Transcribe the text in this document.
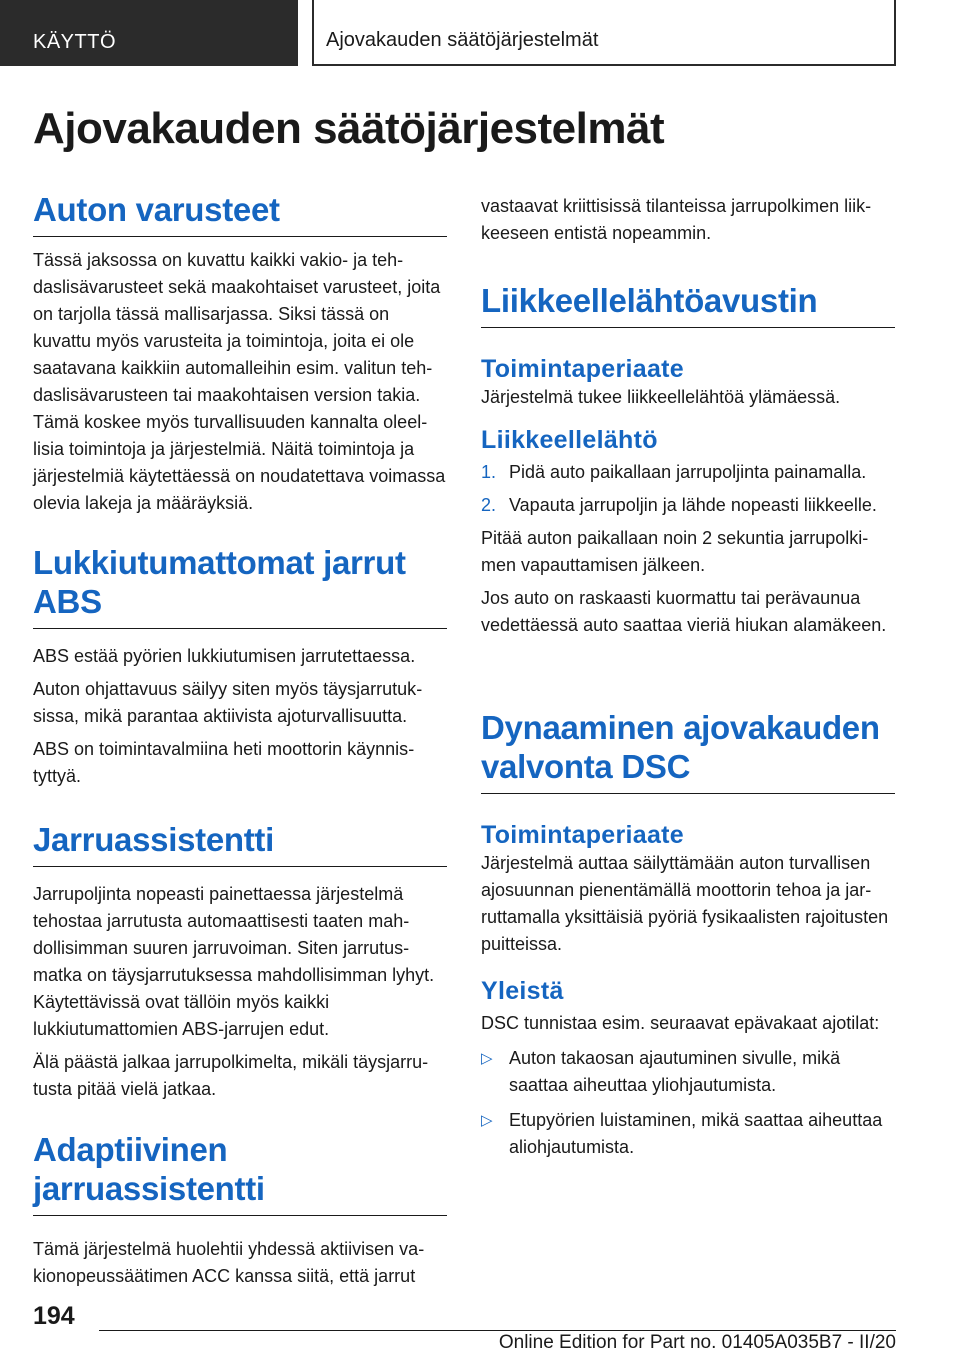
KÄYTTÖ	Ajovakauden säätöjärjestelmät
Ajovakauden säätöjärjestelmät
Auton varusteet

Tässä jaksossa on kuvattu kaikki vakio- ja tehdaslisävarusteet sekä maakohtaiset varusteet, joita on tarjolla tässä mallisarjassa. Siksi tässä on kuvattu myös varusteita ja toimintoja, joita ei ole saatavana kaikkiin automalleihin esim. valitun tehdaslisävarusteen tai maakohtaisen version takia. Tämä koskee myös turvallisuuden kannalta oleellisia toimintoja ja järjestelmiä. Näitä toimintoja ja järjestelmiä käytettäessä on noudatettava voimassa olevia lakeja ja määräyksiä.

Lukkiutumattomat jarrut ABS

ABS estää pyörien lukkiutumisen jarrutettaessa.

Auton ohjattavuus säilyy siten myös täysjarrutuksissa, mikä parantaa aktiivista ajoturvallisuutta.

ABS on toimintavalmiina heti moottorin käynnistyttyä.

Jarruassistentti

Jarrupoljinta nopeasti painettaessa järjestelmä tehostaa jarrutusta automaattisesti taaten mahdollisimman suuren jarruvoiman. Siten jarrutusmatka on täysjarrutuksessa mahdollisimman lyhyt. Käytettävissä ovat tällöin myös kaikki lukkiutumattomien ABS-jarrujen edut.

Älä päästä jalkaa jarrupolkimelta, mikäli täysjarrutusta pitää vielä jatkaa.

Adaptiivinen jarruassistentti

Tämä järjestelmä huolehtii yhdessä aktiivisen vakionopeussäätimen ACC kanssa siitä, että jarrut

vastaavat kriittisissä tilanteissa jarrupolkimen liikkeeseen entistä nopeammin.

Liikkeellelähtöavustin
Toimintaperiaate

Järjestelmä tukee liikkeellelähtöä ylämäessä.

Liikkeellelähtö
1. Pidä auto paikallaan jarrupoljinta painamalla.
2. Vapauta jarrupoljin ja lähde nopeasti liikkeelle.

Pitää auton paikallaan noin 2 sekuntia jarrupolkimen vapauttamisen jälkeen.

Jos auto on raskaasti kuormattu tai perävaunua vedettäessä auto saattaa vieriä hiukan alamäkeen.

Dynaaminen ajovakauden valvonta DSC
Toimintaperiaate

Järjestelmä auttaa säilyttämään auton turvallisen ajosuunnan pienentämällä moottorin tehoa ja jarruttamalla yksittäisiä pyöriä fysikaalisten rajoitusten puitteissa.

Yleistä

DSC tunnistaa esim. seuraavat epävakaat ajotilat:

▷ Auton takaosan ajautuminen sivulle, mikä saattaa aiheuttaa yliohjautumista.
▷ Etupyörien luistaminen, mikä saattaa aiheuttaa aliohjautumista.
194
Online Edition for Part no. 01405A035B7 - II/20
